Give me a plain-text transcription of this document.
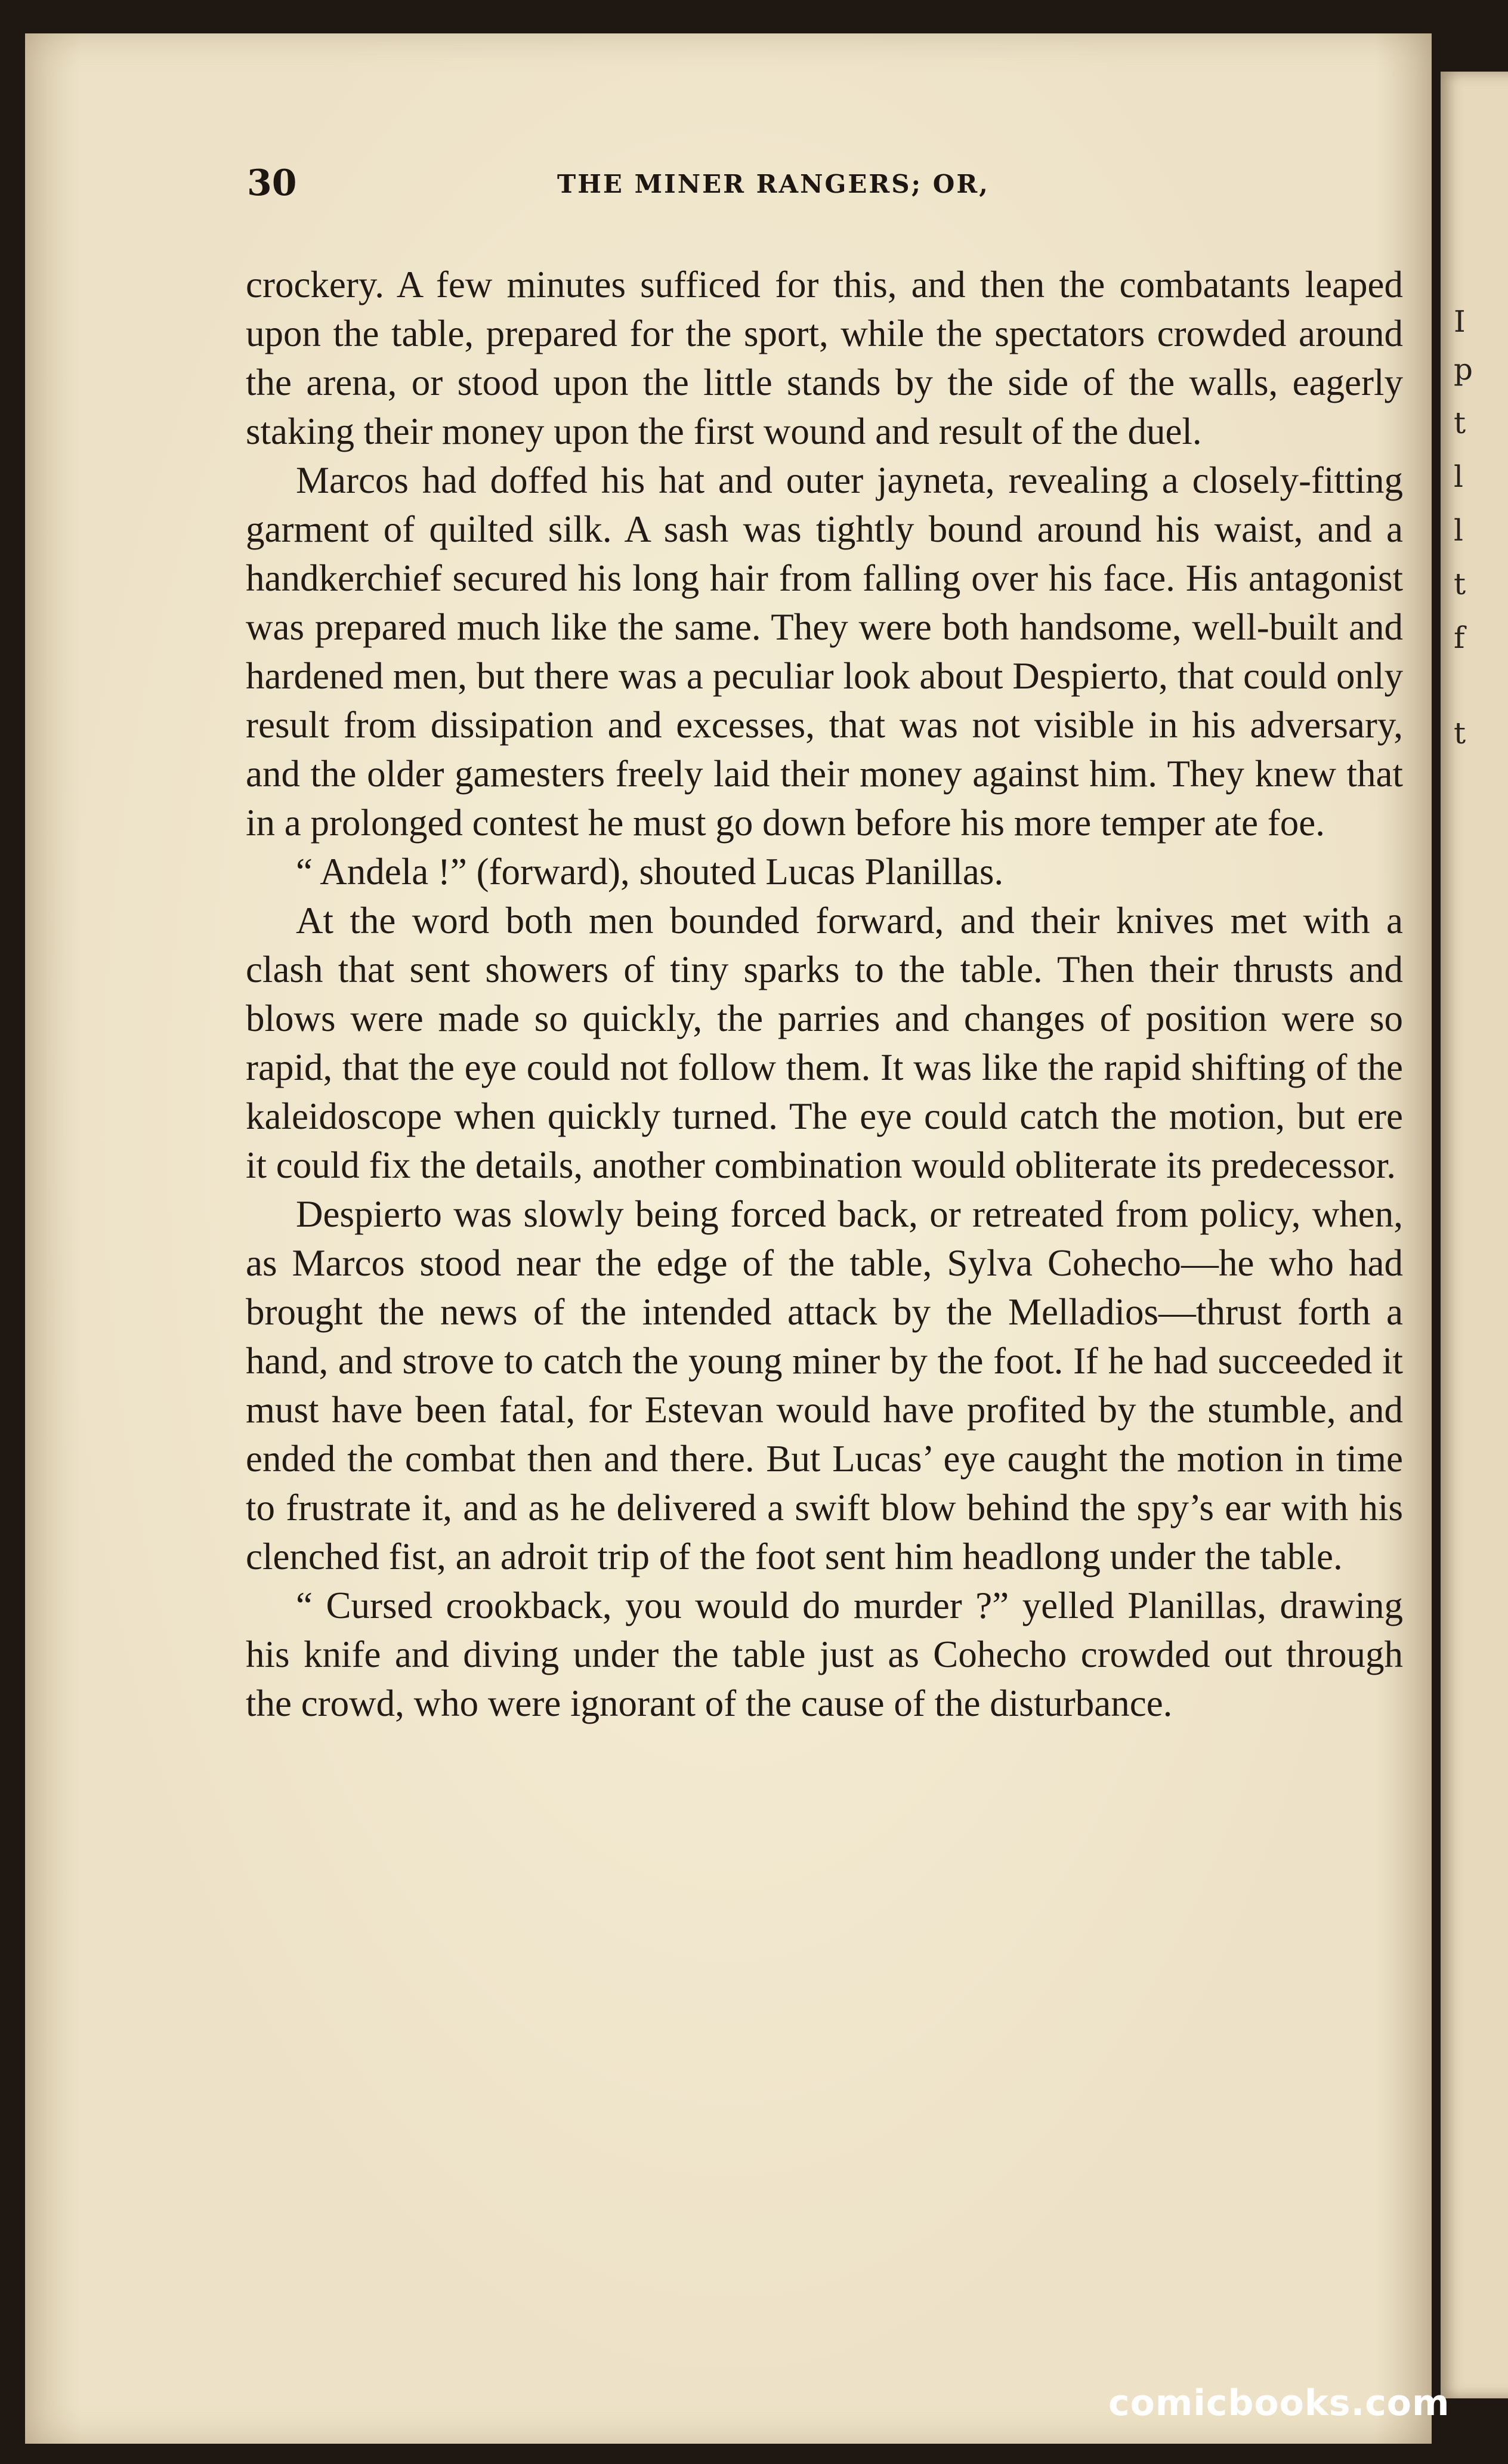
I
p
t
l
l
t
f
t
30	THE MINER RANGERS; OR,

crockery. A few minutes sufficed for this, and then the combatants leaped upon the table, prepared for the sport, while the spectators crowded around the arena, or stood upon the little stands by the side of the walls, eagerly staking their money upon the first wound and result of the duel.

Marcos had doffed his hat and outer jayneta, revealing a closely-fitting garment of quilted silk. A sash was tightly bound around his waist, and a handkerchief secured his long hair from falling over his face. His antagonist was prepared much like the same. They were both handsome, well-built and hardened men, but there was a peculiar look about Despierto, that could only result from dissipation and excesses, that was not visible in his adversary, and the older gamesters freely laid their money against him. They knew that in a prolonged contest he must go down before his more temper ate foe.

“ Andela !” (forward), shouted Lucas Planillas.

At the word both men bounded forward, and their knives met with a clash that sent showers of tiny sparks to the table. Then their thrusts and blows were made so quickly, the parries and changes of position were so rapid, that the eye could not follow them. It was like the rapid shifting of the kaleidoscope when quickly turned. The eye could catch the motion, but ere it could fix the details, another combination would obliterate its predecessor.

Despierto was slowly being forced back, or retreated from policy, when, as Marcos stood near the edge of the table, Sylva Cohecho—he who had brought the news of the intended attack by the Melladios—thrust forth a hand, and strove to catch the young miner by the foot. If he had succeeded it must have been fatal, for Estevan would have profited by the stumble, and ended the combat then and there. But Lucas’ eye caught the motion in time to frustrate it, and as he delivered a swift blow behind the spy’s ear with his clenched fist, an adroit trip of the foot sent him headlong under the table.

“ Cursed crookback, you would do murder ?” yelled Planillas, drawing his knife and diving under the table just as Cohecho crowded out through the crowd, who were ignorant of the cause of the disturbance.

comicbooks.com
